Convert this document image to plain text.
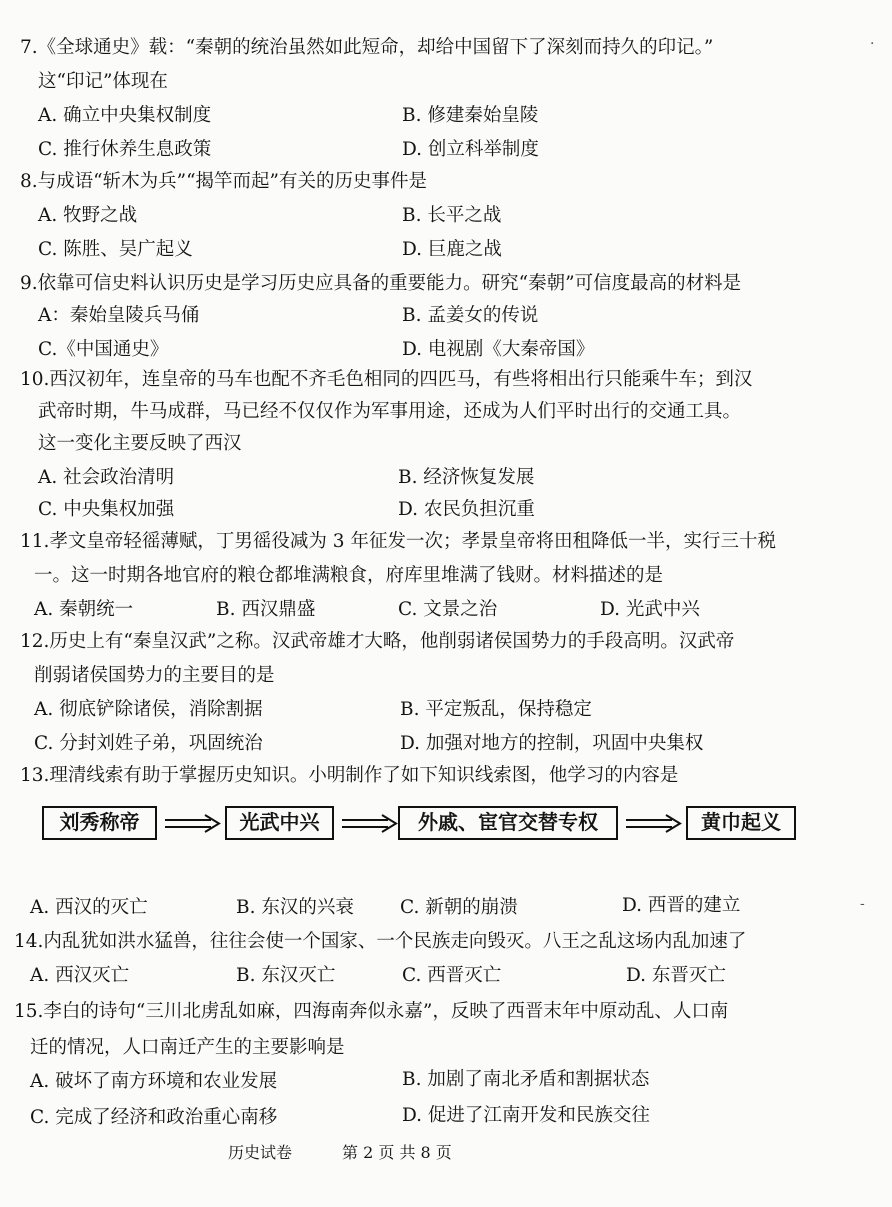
7.《全球通史》载：“秦朝的统治虽然如此短命，却给中国留下了深刻而持久的印记。”
这“印记”体现在
A. 确立中央集权制度	B. 修建秦始皇陵
C. 推行休养生息政策	D. 创立科举制度
8.与成语“斩木为兵”“揭竿而起”有关的历史事件是
A. 牧野之战	B. 长平之战
C. 陈胜、吴广起义	D. 巨鹿之战
9.依靠可信史料认识历史是学习历史应具备的重要能力。研究“秦朝”可信度最高的材料是
A：秦始皇陵兵马俑	B. 孟姜女的传说
C.《中国通史》	D. 电视剧《大秦帝国》
10.西汉初年，连皇帝的马车也配不齐毛色相同的四匹马，有些将相出行只能乘牛车；到汉
武帝时期，牛马成群，马已经不仅仅作为军事用途，还成为人们平时出行的交通工具。
这一变化主要反映了西汉
A. 社会政治清明	B. 经济恢复发展
C. 中央集权加强	D. 农民负担沉重
11.孝文皇帝轻徭薄赋，丁男徭役减为 3 年征发一次；孝景皇帝将田租降低一半，实行三十税
一。这一时期各地官府的粮仓都堆满粮食，府库里堆满了钱财。材料描述的是
A. 秦朝统一	B. 西汉鼎盛	C. 文景之治	D. 光武中兴
12.历史上有“秦皇汉武”之称。汉武帝雄才大略，他削弱诸侯国势力的手段高明。汉武帝
削弱诸侯国势力的主要目的是
A. 彻底铲除诸侯，消除割据	B. 平定叛乱，保持稳定
C. 分封刘姓子弟，巩固统治	D. 加强对地方的控制，巩固中央集权
13.理清线索有助于掌握历史知识。小明制作了如下知识线索图，他学习的内容是
刘秀称帝	光武中兴	外戚、宦官交替专权	黄巾起义
A. 西汉的灭亡	B. 东汉的兴衰 C. 新朝的崩溃	D. 西晋的建立
14.内乱犹如洪水猛兽，往往会使一个国家、一个民族走向毁灭。八王之乱这场内乱加速了
A. 西汉灭亡	B. 东汉灭亡	C. 西晋灭亡	D. 东晋灭亡
15.李白的诗句“三川北虏乱如麻，四海南奔似永嘉”，反映了西晋末年中原动乱、人口南
迁的情况，人口南迁产生的主要影响是
A. 破坏了南方环境和农业发展	B. 加剧了南北矛盾和割据状态
C. 完成了经济和政治重心南移	D. 促进了江南开发和民族交往
历史试卷	第 2 页 共 8 页
·
-
